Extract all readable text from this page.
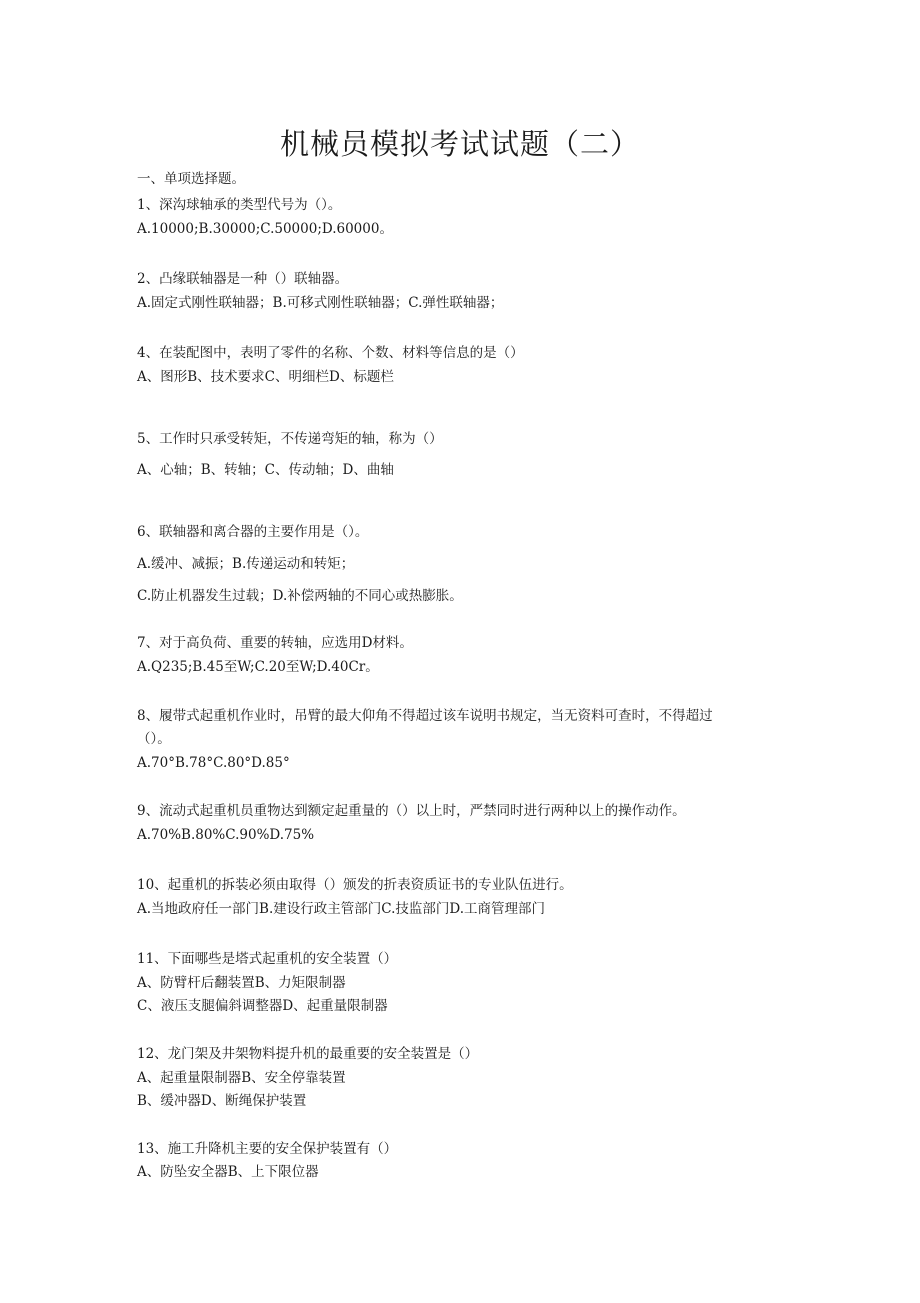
机械员模拟考试试题（二）

一、单项选择题。

1、深沟球轴承的类型代号为（）。

A.10000;B.30000;C.50000;D.60000。

2、凸缘联轴器是一种（）联轴器。

A.固定式刚性联轴器；B.可移式刚性联轴器；C.弹性联轴器；

4、在装配图中，表明了零件的名称、个数、材料等信息的是（）

A、图形B、技术要求C、明细栏D、标题栏

5、工作时只承受转矩，不传递弯矩的轴，称为（）

A、心轴；B、转轴；C、传动轴；D、曲轴

6、联轴器和离合器的主要作用是（）。

A.缓冲、减振；B.传递运动和转矩；

C.防止机器发生过载；D.补偿两轴的不同心或热膨胀。

7、对于高负荷、重要的转轴，应选用D材料。

A.Q235;B.45至W;C.20至W;D.40Cr。

8、履带式起重机作业时，吊臂的最大仰角不得超过该车说明书规定，当无资料可查时，不得超过

（）。

A.70°B.78°C.80°D.85°

9、流动式起重机员重物达到额定起重量的（）以上时，严禁同时进行两种以上的操作动作。

A.70%B.80%C.90%D.75%

10、起重机的拆装必须由取得（）颁发的折表资质证书的专业队伍进行。

A.当地政府任一部门B.建设行政主管部门C.技监部门D.工商管理部门

11、下面哪些是塔式起重机的安全装置（）

A、防臂杆后翻装置B、力矩限制器

C、液压支腿偏斜调整器D、起重量限制器

12、龙门架及井架物料提升机的最重要的安全装置是（）

A、起重量限制器B、安全停靠装置

B、缓冲器D、断绳保护装置

13、施工升降机主要的安全保护装置有（）

A、防坠安全器B、上下限位器
